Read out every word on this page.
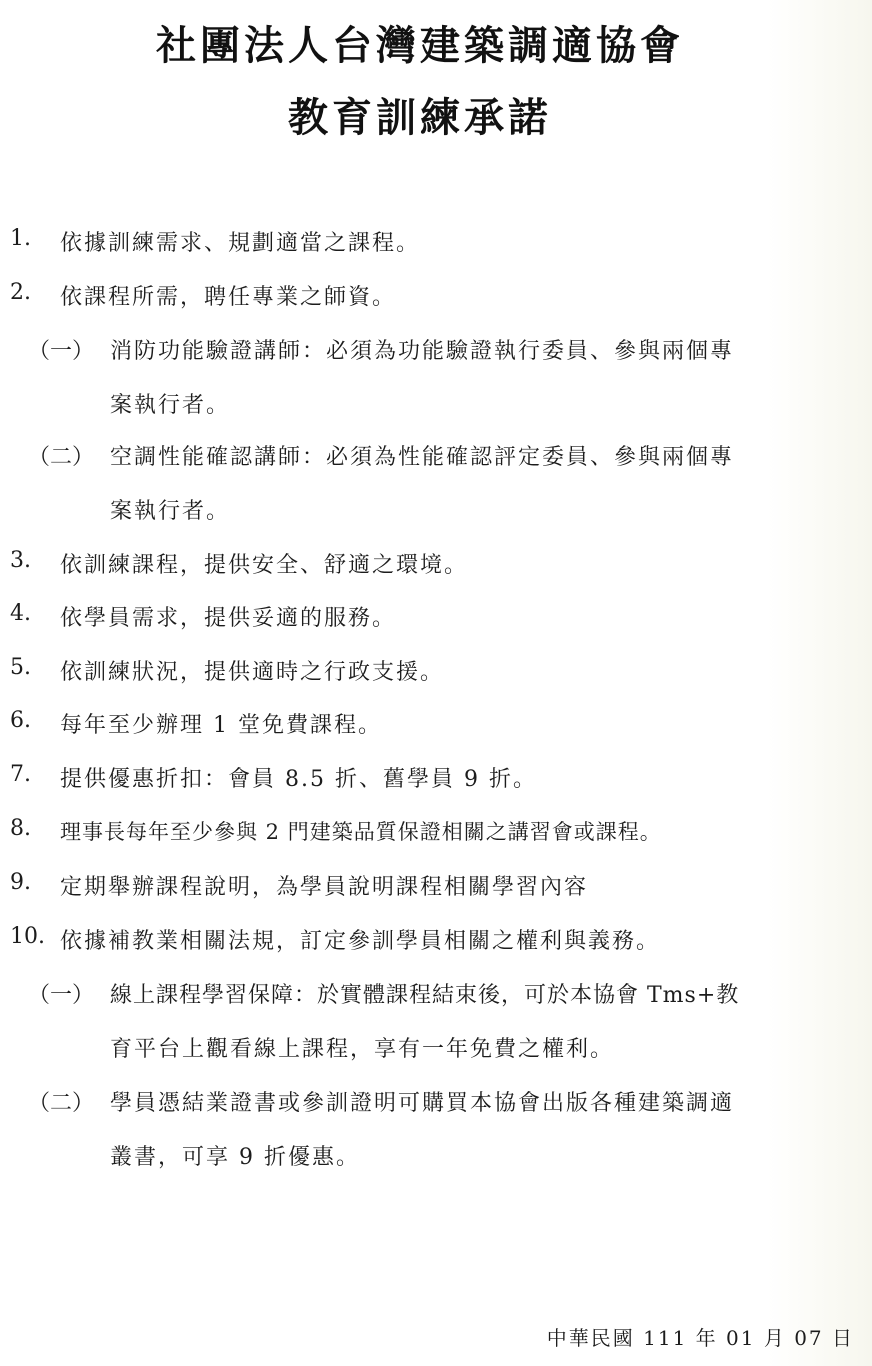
社團法人台灣建築調適協會
教育訓練承諾
1. 依據訓練需求、規劃適當之課程。
2. 依課程所需，聘任專業之師資。
（一） 消防功能驗證講師：必須為功能驗證執行委員、參與兩個專
案執行者。
（二） 空調性能確認講師：必須為性能確認評定委員、參與兩個專
案執行者。
3. 依訓練課程，提供安全、舒適之環境。
4. 依學員需求，提供妥適的服務。
5. 依訓練狀況，提供適時之行政支援。
6. 每年至少辦理 1 堂免費課程。
7. 提供優惠折扣：會員 8.5 折、舊學員 9 折。
8. 理事長每年至少參與 2 門建築品質保證相關之講習會或課程。
9. 定期舉辦課程說明，為學員說明課程相關學習內容
10. 依據補教業相關法規，訂定參訓學員相關之權利與義務。
（一） 線上課程學習保障：於實體課程結束後，可於本協會 Tms+教
育平台上觀看線上課程，享有一年免費之權利。
（二） 學員憑結業證書或參訓證明可購買本協會出版各種建築調適
叢書，可享 9 折優惠。
中華民國 111 年 01 月 07 日
